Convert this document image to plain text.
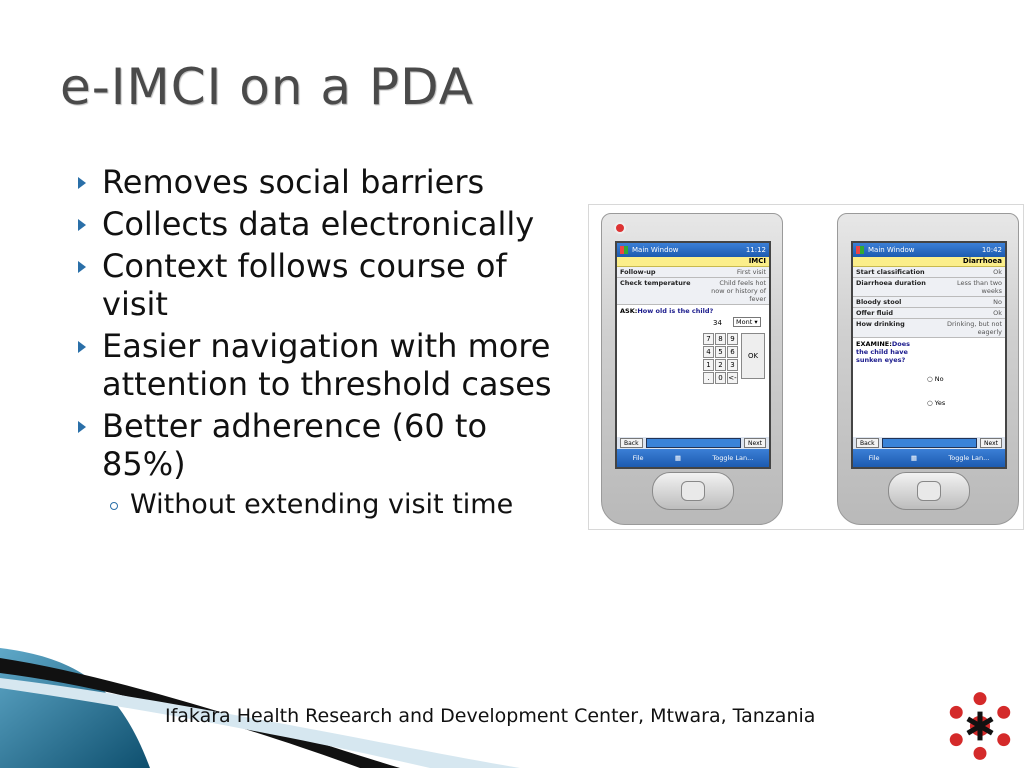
e-IMCI on a PDA
Removes social barriers
Collects data electronically
Context follows course of visit
Easier navigation with more
attention to threshold cases
Better adherence (60 to 85%)
Without extending visit time
Main Window	11:12
IMCI
Follow-up	First visit
Check temperature	Child feels hot now or history of fever
ASK:How old is the child?
34	Mont ▾
7	8	9
4	5	6
1	2	3
.	0 <-
OK
Back	Next
File	▦	Toggle Lan...
Main Window	10:42
Diarrhoea
Start classification	Ok
Diarrhoea duration	Less than two weeks
Bloody stool	No
Offer fluid	Ok
How drinking	Drinking, but not eagerly
EXAMINE:Does the child have sunken eyes?
○ No
○ Yes
Back	Next
File	▦	Toggle Lan...
Ifakara Health Research and Development Center, Mtwara, Tanzania
